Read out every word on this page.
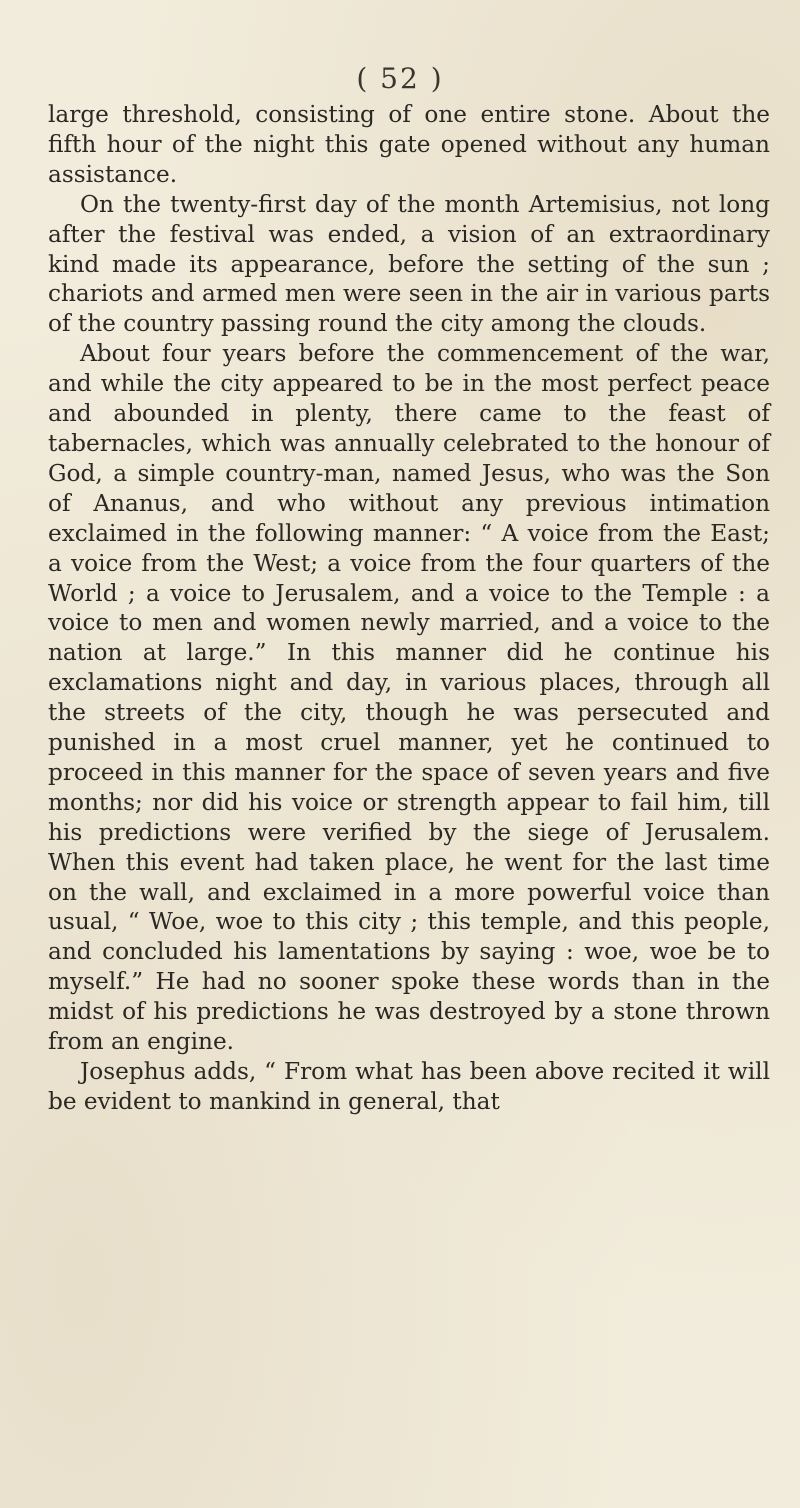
( 52 )

large threshold, consisting of one entire stone. About the fifth hour of the night this gate opened without any human assistance.

On the twenty-first day of the month Artemisius, not long after the festival was ended, a vision of an extraordinary kind made its appearance, before the setting of the sun ; chariots and armed men were seen in the air in various parts of the country passing round the city among the clouds.

About four years before the commencement of the war, and while the city appeared to be in the most perfect peace and abounded in plenty, there came to the feast of tabernacles, which was annually celebrated to the honour of God, a simple country-man, named Jesus, who was the Son of Ananus, and who without any previous intimation exclaimed in the following manner: “ A voice from the East; a voice from the West; a voice from the four quarters of the World ; a voice to Jerusalem, and a voice to the Temple : a voice to men and women newly married, and a voice to the nation at large.” In this manner did he continue his exclamations night and day, in various places, through all the streets of the city, though he was persecuted and punished in a most cruel manner, yet he continued to proceed in this manner for the space of seven years and five months; nor did his voice or strength appear to fail him, till his predictions were verified by the siege of Jerusalem. When this event had taken place, he went for the last time on the wall, and exclaimed in a more powerful voice than usual, “ Woe, woe to this city ; this temple, and this people, and concluded his lamentations by saying : woe, woe be to myself.” He had no sooner spoke these words than in the midst of his predictions he was destroyed by a stone thrown from an engine.

Josephus adds, “ From what has been above recited it will be evident to mankind in general, that
